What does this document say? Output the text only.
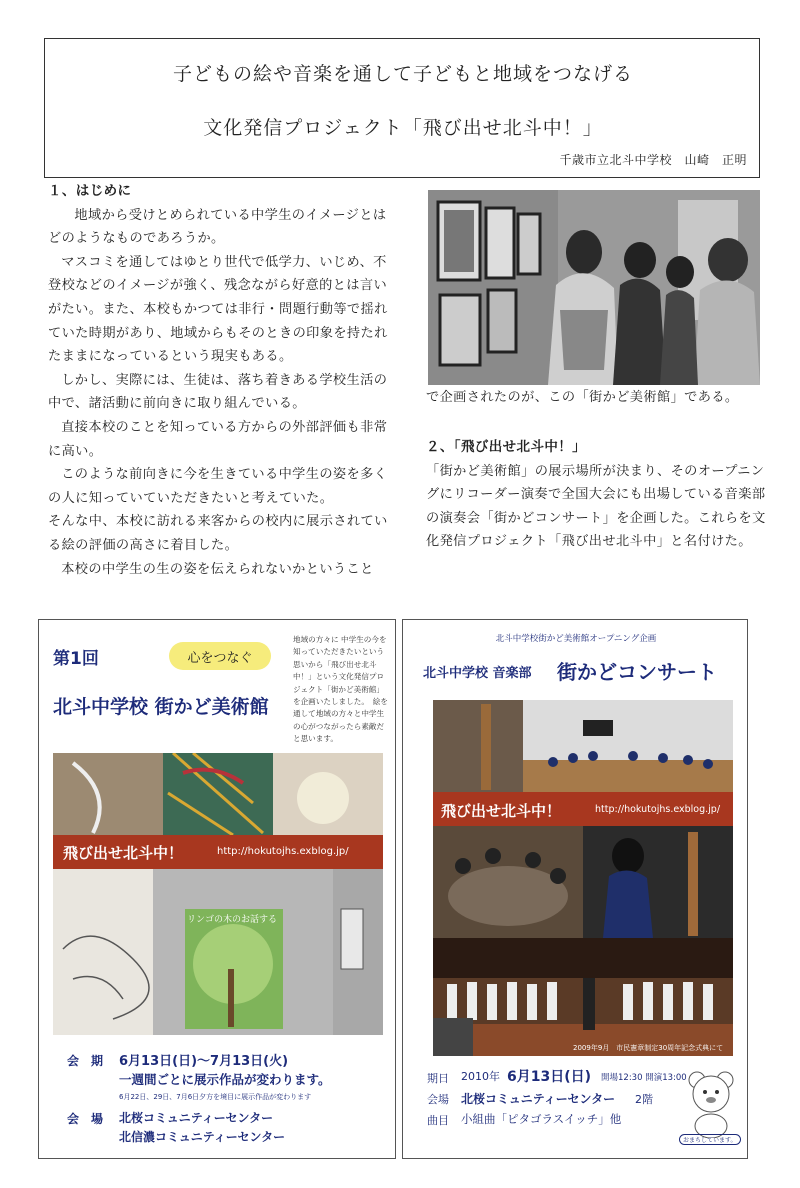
子どもの絵や音楽を通して子どもと地域をつなげる
文化発信プロジェクト「飛び出せ北斗中！」
千歳市立北斗中学校　山崎　正明

１、はじめに

地域から受けとめられている中学生のイメージとはどのようなものであろうか。

マスコミを通してはゆとり世代で低学力、いじめ、不登校などのイメージが強く、残念ながら好意的とは言いがたい。また、本校もかつては非行・問題行動等で揺れていた時期があり、地域からもそのときの印象を持たれたままになっているという現実もある。

しかし、実際には、生徒は、落ち着きある学校生活の中で、諸活動に前向きに取り組んでいる。

直接本校のことを知っている方からの外部評価も非常に高い。

このような前向きに今を生きている中学生の姿を多くの人に知っていていただきたいと考えていた。

そんな中、本校に訪れる来客からの校内に展示されている絵の評価の高さに着目した。

本校の中学生の生の姿を伝えられないかということ

で企画されたのが、この「街かど美術館」である。
２、「飛び出せ北斗中！」
「街かど美術館」の展示場所が決まり、そのオープニングにリコーダー演奏で全国大会にも出場している音楽部の演奏会「街かどコンサート」を企画した。これらを文化発信プロジェクト「飛び出せ北斗中」と名付けた。
第1回	心をつなぐ
北斗中学校 街かど美術館
地域の方々に 中学生の今を知っていただきたいという思いから「飛び出せ北斗中！」という文化発信プロジェクト「街かど美術館」を企画いたしました。　絵を通して地域の方々と中学生の心がつながったら素敵だと思います。
飛び出せ北斗中！	http://hokutojhs.exblog.jp/
リンゴの木のお話する
会　期 6月13日(日)～7月13日(火)
一週間ごとに展示作品が変わります。
6月22日、29日、7月6日夕方を境目に展示作品が変わります
会　場 北桜コミュニティーセンター
北信濃コミュニティーセンター
北斗中学校街かど美術館オープニング企画
北斗中学校 音楽部 街かどコンサート
飛び出せ北斗中！	http://hokutojhs.exblog.jp/
2009年9月　市民憲章制定30周年記念式典にて
期日 2010年 6月13日(日) 開場12:30 開演13:00
会場 北桜コミュニティーセンター 2階
曲目 小組曲「ピタゴラスイッチ」他
おまちしています。
